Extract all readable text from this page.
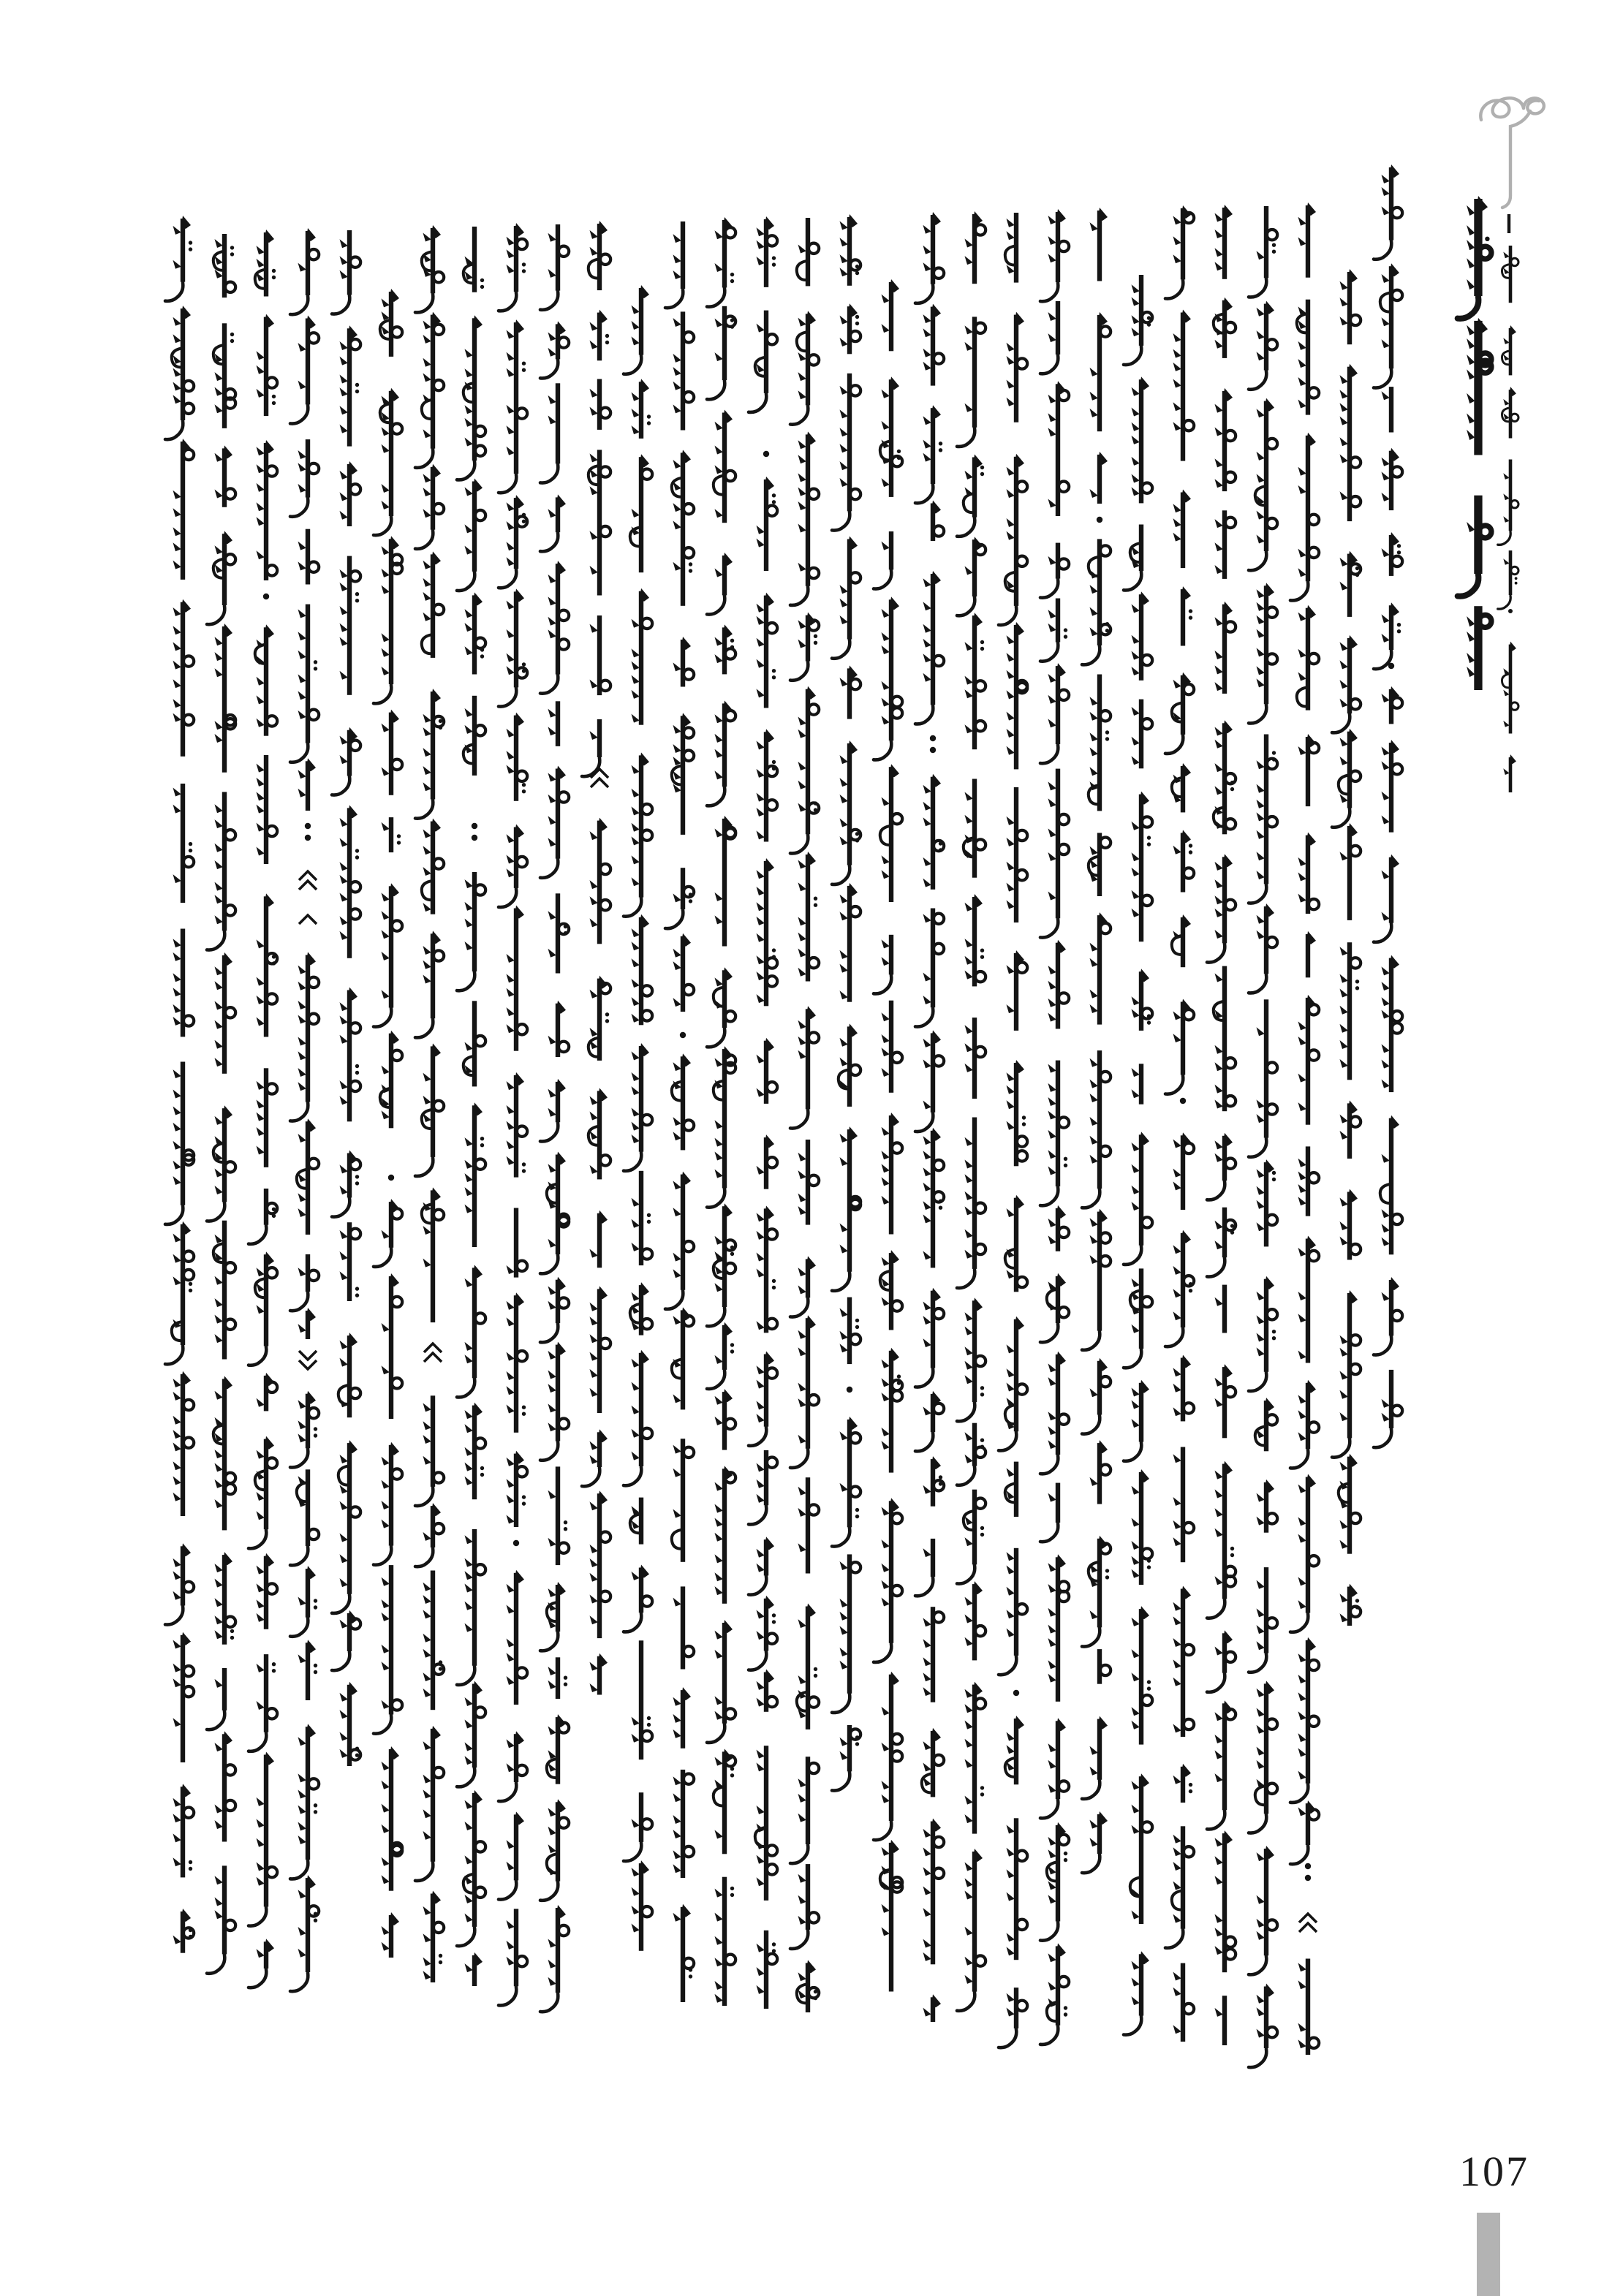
107
